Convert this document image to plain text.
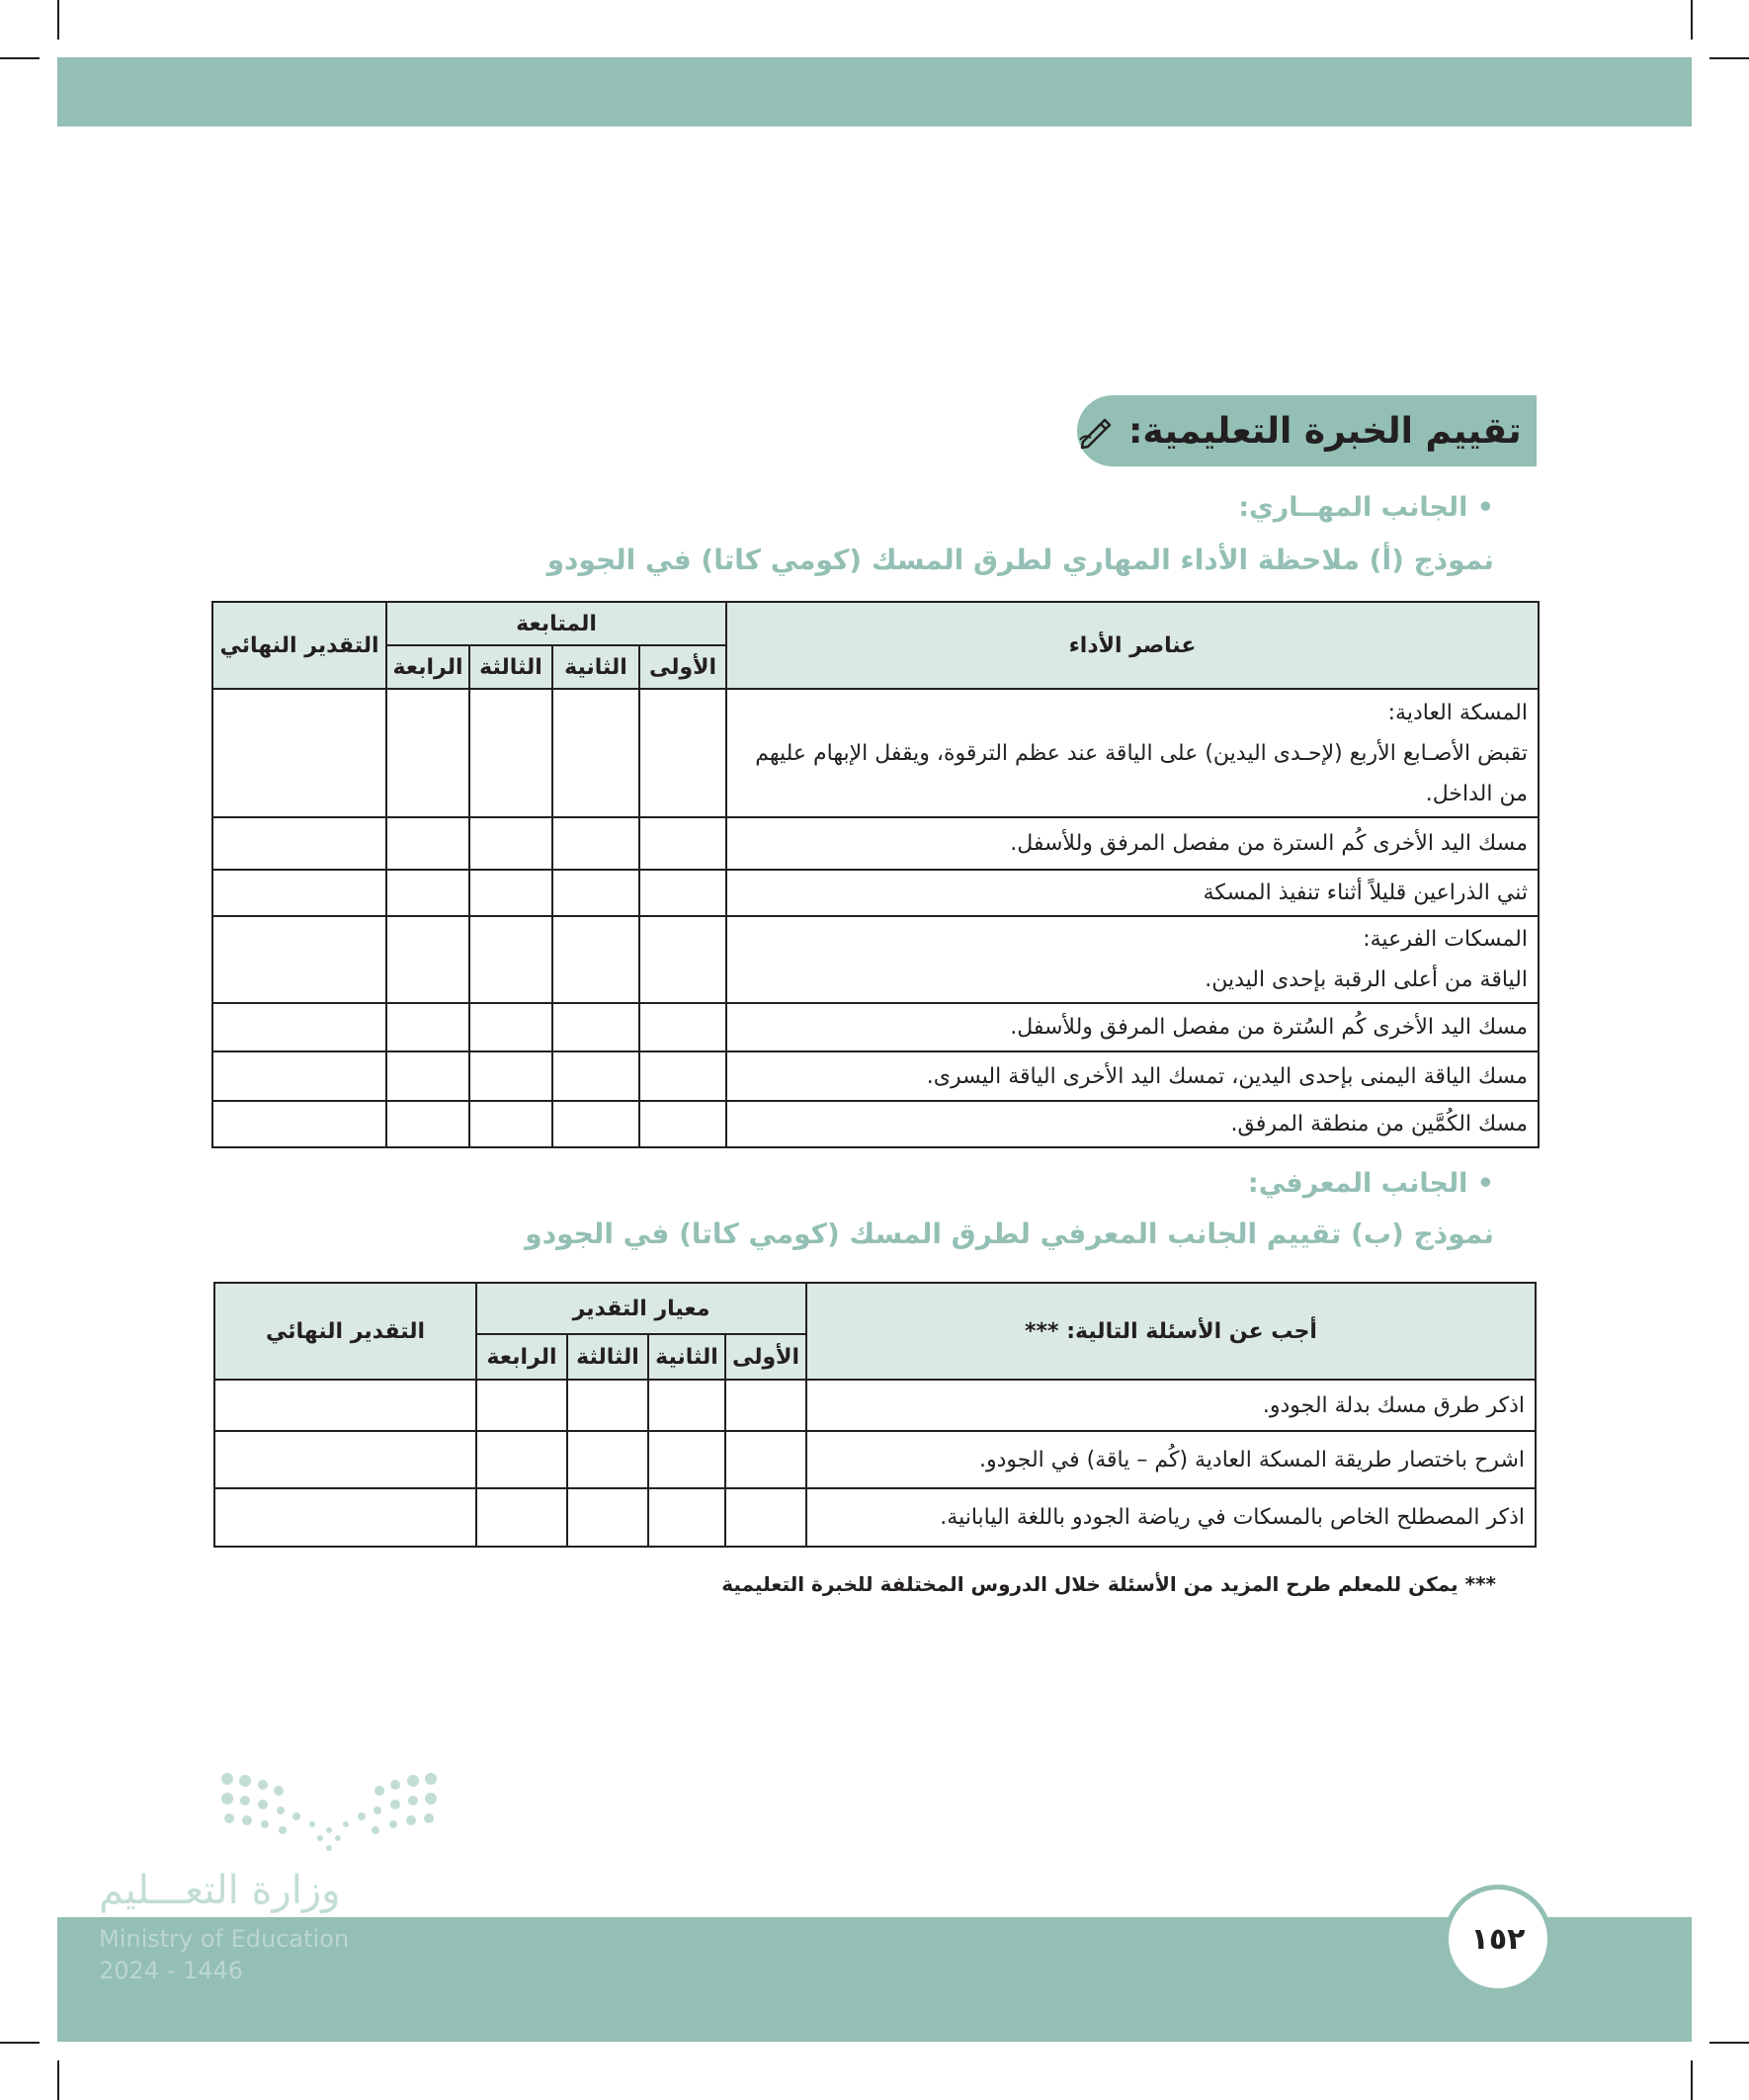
تقييم الخبرة التعليمية:
• الجانب المهــاري:
نموذج (أ) ملاحظة الأداء المهاري لطرق المسك (كومي كاتا) في الجودو
عناصر الأداء	المتابعة				التقدير النهائي
	الأولى	الثانية	الثالثة	الرابعة	

المسكة العادية:
تقبض الأصـابع الأربع (لإحـدى اليدين) على الياقة عند عظم الترقوة، ويقفل الإبهام عليهم
من الداخل.					

مسك اليد الأخرى كُم السترة من مفصل المرفق وللأسفل.					

ثني الذراعين قليلاً أثناء تنفيذ المسكة					

المسكات الفرعية:
الياقة من أعلى الرقبة بإحدى اليدين.					

مسك اليد الأخرى كُم السُترة من مفصل المرفق وللأسفل.					

مسك الياقة اليمنى بإحدى اليدين، تمسك اليد الأخرى الياقة اليسرى.					

مسك الكُمَّين من منطقة المرفق.					

• الجانب المعرفي:
نموذج (ب) تقييم الجانب المعرفي لطرق المسك (كومي كاتا) في الجودو
أجب عن الأسئلة التالية: ***	معيار التقدير				التقدير النهائي
	الأولى	الثانية	الثالثة	الرابعة	

اذكر طرق مسك بدلة الجودو.					

اشرح باختصار طريقة المسكة العادية (كُم – ياقة) في الجودو.					

اذكر المصطلح الخاص بالمسكات في رياضة الجودو باللغة اليابانية.					

*** يمكن للمعلم طرح المزيد من الأسئلة خلال الدروس المختلفة للخبرة التعليمية
وزارة التعـــليم
Ministry of Education
2024 - 1446
١٥٢
